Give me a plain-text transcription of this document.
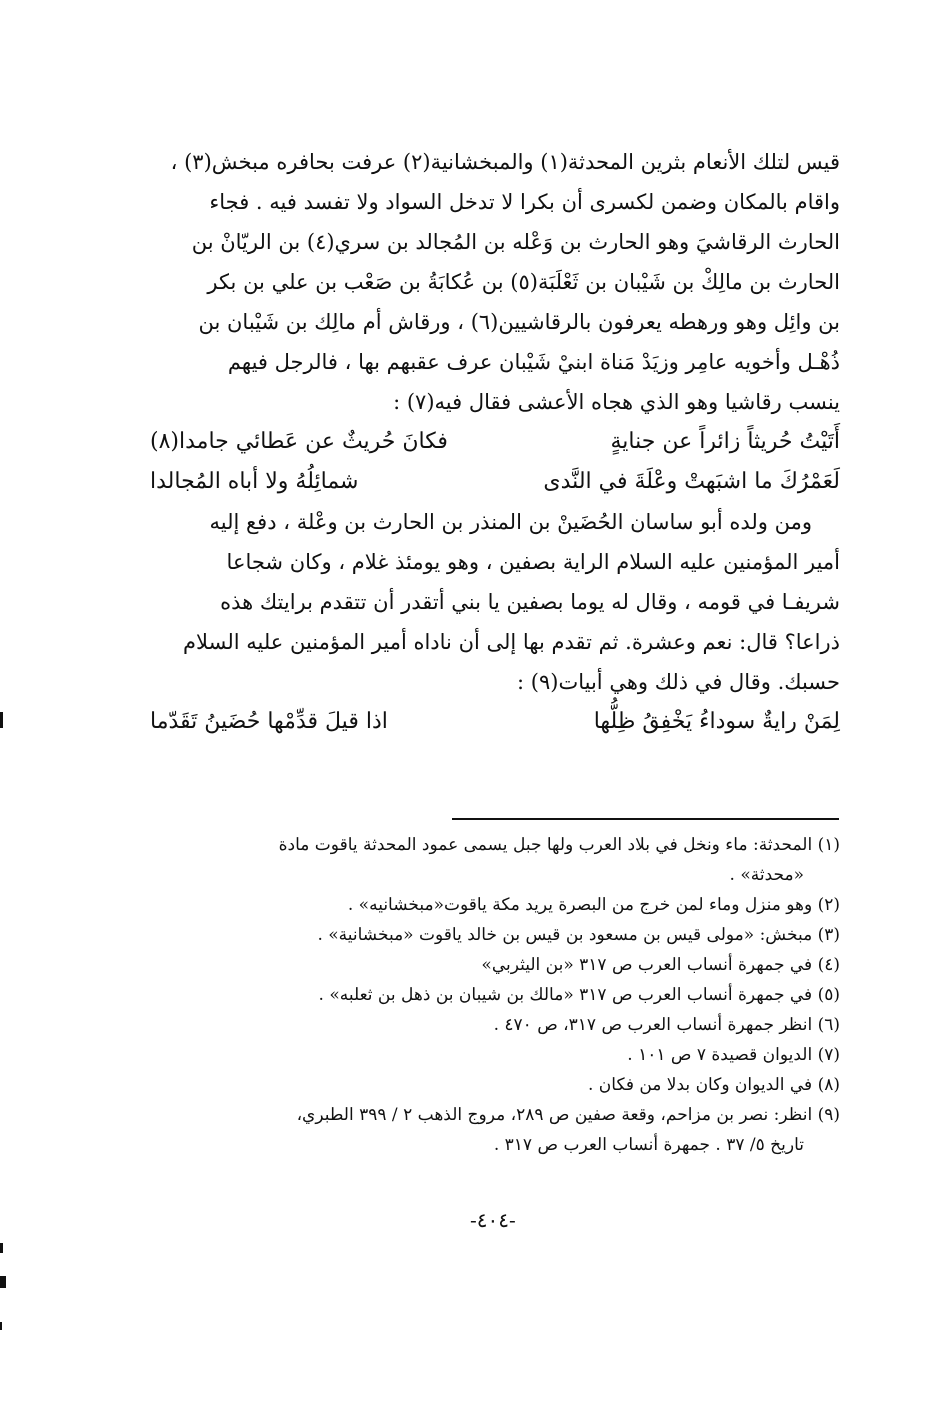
قيس لتلك الأنعام بثرين المحدثة(١) والمبخشانية(٢) عرفت بحافره مبخش(٣) ،
واقام بالمكان وضمن لكسرى أن بكرا لا تدخل السواد ولا تفسد فيه . فجاء
الحارث الرقاشيَ وهو الحارث بن وَعْله بن المُجالد بن سري(٤) بن الريّانْ بن
الحارث بن مالِكْ بن شَيْبان بن ثَعْلَبَة(٥) بن عُكابَةُ بن صَعْب بن علي بن بكر
بن وائِل وهو ورهطه يعرفون بالرقاشيين(٦) ، ورقاش أم مالِك بن شَيْبان بن
ذُهْـل وأخويه عامِر وزيَدْ مَناة ابنيْ شَيْبان عرف عقبهم بها ، فالرجل فيهم
ينسب رقاشيا وهو الذي هجاه الأعشى فقال فيه(٧) :
أَتَيْتُ حُريثاً زائراً عن جنايةٍ
فكانَ حُريثٌ عن عَطائي جامدا(٨)
لَعَمْرُكَ ما اشبَهتْ وعْلَةَ في النَّدى
شمائِلُهُ ولا أباه المُجالدا
ومن ولده أبو ساسان الحُضَينْ بن المنذر بن الحارث بن وعْلة ، دفع إليه
أمير المؤمنين عليه السلام الراية بصفين ، وهو يومئذ غلام ، وكان شجاعا
شريفـا في قومه ، وقال له يوما بصفين يا بني أتقدر أن تتقدم برايتك هذه
ذراعا؟ قال: نعم وعشرة. ثم تقدم بها إلى أن ناداه أمير المؤمنين عليه السلام
حسبك. وقال في ذلك وهي أبيات(٩) :
لِمَنْ رايةٌ سوداءُ يَخْفِقُ ظِلُّها
اذا قيلَ قدِّمْها حُضَينُ تَقَدّما
(١) المحدثة: ماء ونخل في بلاد العرب ولها جبل يسمى عمود المحدثة ياقوت مادة
«محدثة» .
(٢) وهو منزل وماء لمن خرج من البصرة يريد مكة ياقوت«مبخشانيه» .
(٣) مبخش: «مولى قيس بن مسعود بن قيس بن خالد ياقوت «مبخشانية» .
(٤) في جمهرة أنساب العرب ص ٣١٧ «بن اليثربي»
(٥) في جمهرة أنساب العرب ص ٣١٧ «مالك بن شيبان بن ذهل بن ثعلبه» .
(٦) انظر جمهرة أنساب العرب ص ٣١٧، ص ٤٧٠ .
(٧) الديوان قصيدة ٧ ص ١٠١ .
(٨) في الديوان وكان بدلا من فكان .
(٩) انظر: نصر بن مزاحم، وقعة صفين ص ٢٨٩، مروج الذهب ٢ / ٣٩٩ الطبري،
تاريخ ٥/ ٣٧ . جمهرة أنساب العرب ص ٣١٧ .
-٤٠٤-
